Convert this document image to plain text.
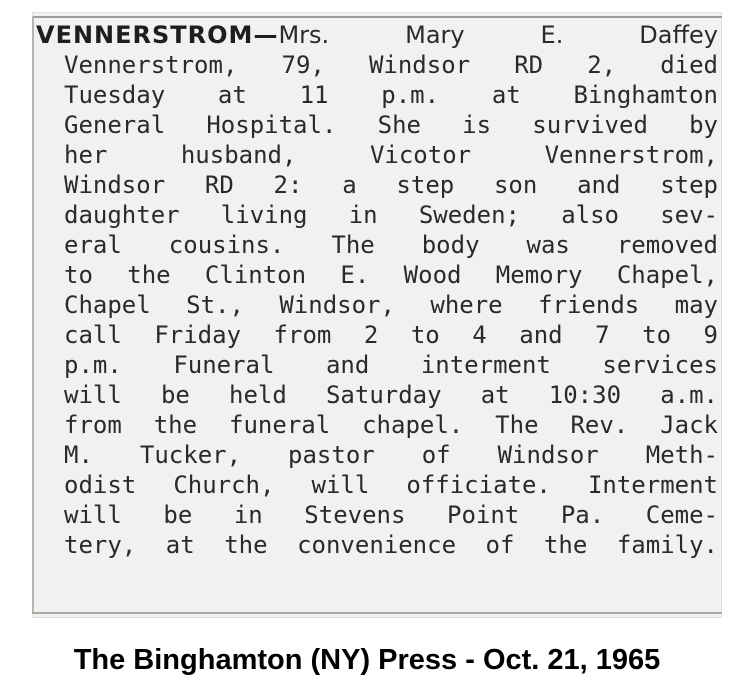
VENNERSTROM—Mrs. Mary E. Daffey
Vennerstrom, 79, Windsor RD 2, died
Tuesday at 11 p.m. at Binghamton
General Hospital. She is survived by
her husband, Vicotor Vennerstrom,
Windsor RD 2: a step son and step
daughter living in Sweden; also sev-
eral cousins. The body was removed
to the Clinton E. Wood Memory Chapel,
Chapel St., Windsor, where friends may
call Friday from 2 to 4 and 7 to 9
p.m. Funeral and interment services
will be held Saturday at 10:30 a.m.
from the funeral chapel. The Rev. Jack
M. Tucker, pastor of Windsor Meth-
odist Church, will officiate. Interment
will be in Stevens Point Pa. Ceme-
tery, at the convenience of the family.
The Binghamton (NY) Press - Oct. 21, 1965
